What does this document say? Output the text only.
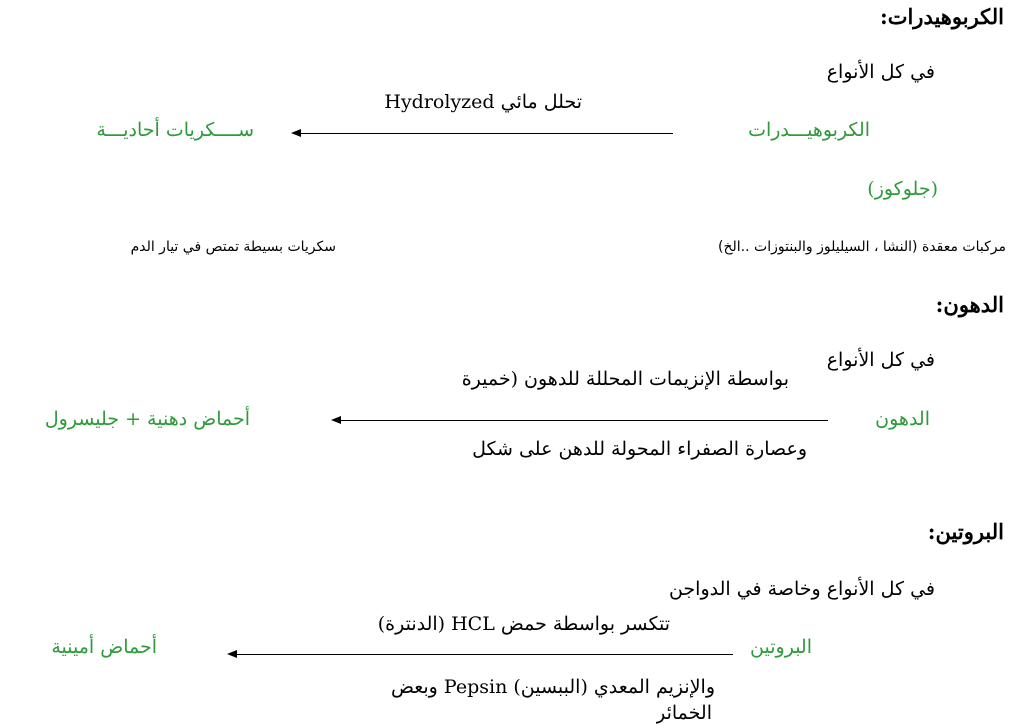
الكربوهيدرات:
في كل الأنواع
تحلل مائي Hydrolyzed
الكربوهيـــدرات
ســــكريات أحاديـــة
(جلوكوز)
مركبات معقدة (النشا ، السيليلوز والبنتوزات ..الخ)
سكريات بسيطة تمتص في تيار الدم
الدهون:
في كل الأنواع
بواسطة الإنزيمات المحللة للدهون (خميرة
الدهون
أحماض دهنية + جليسرول
وعصارة الصفراء المحولة للدهن على شكل
البروتين:
في كل الأنواع وخاصة في الدواجن
تتكسر بواسطة حمض HCL (الدنترة)
البروتين
أحماض أمينية
والإنزيم المعدي (الببسين) Pepsin وبعض
الخمائر
